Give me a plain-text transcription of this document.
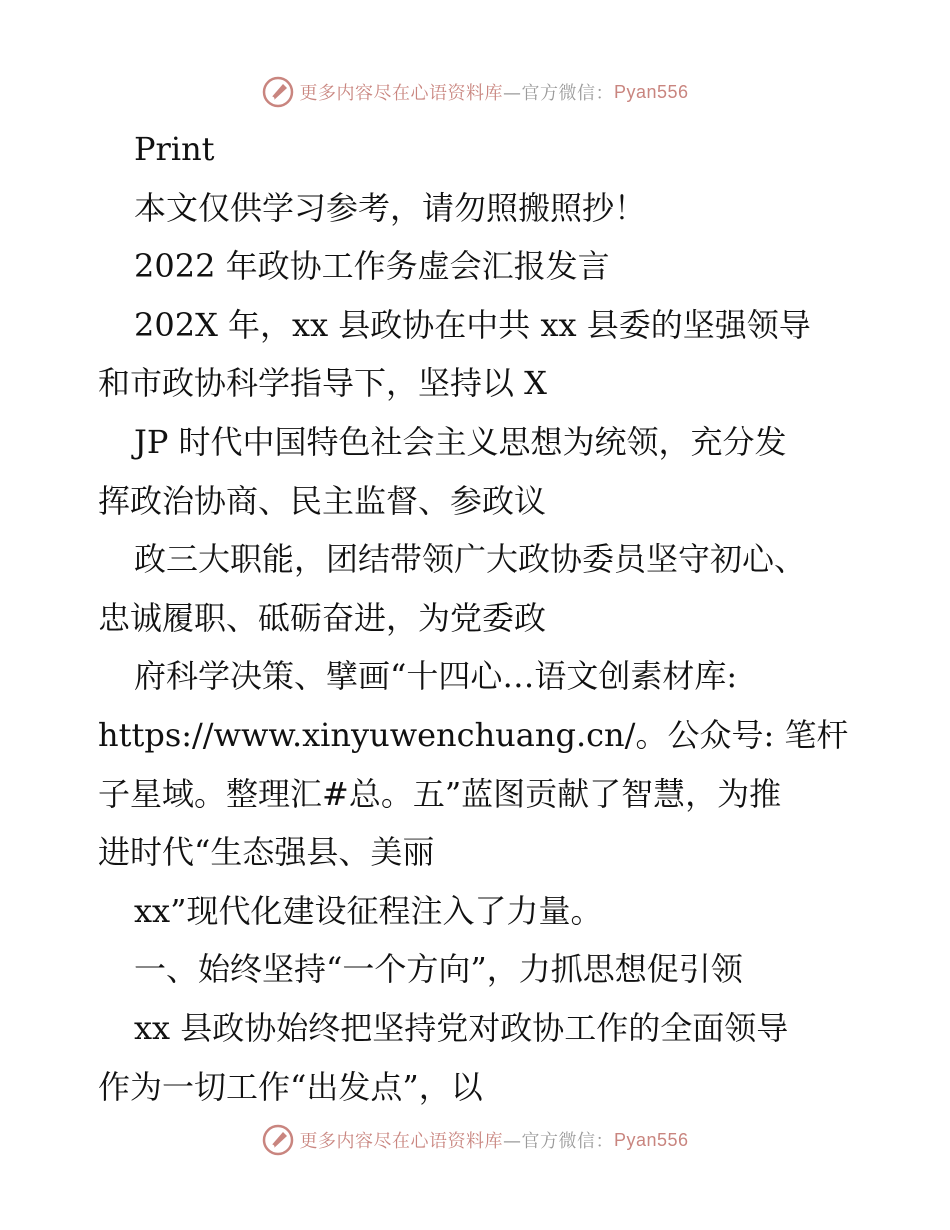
更多内容尽在心语资料库 —官方微信： Pyan556
Print
本文仅供学习参考，请勿照搬照抄！
2022 年政协工作务虚会汇报发言
202X 年，xx 县政协在中共 xx 县委的坚强领导
和市政协科学指导下，坚持以 X
JP 时代中国特色社会主义思想为统领，充分发
挥政治协商、民主监督、参政议
政三大职能，团结带领广大政协委员坚守初心、
忠诚履职、砥砺奋进，为党委政
府科学决策、擘画“十四心…语文创素材库:
https://www.xinyuwenchuang.cn/。公众号: 笔杆
子星域。整理汇#总。五”蓝图贡献了智慧，为推
进时代“生态强县、美丽
xx”现代化建设征程注入了力量。
一、始终坚持“一个方向”，力抓思想促引领
xx 县政协始终把坚持党对政协工作的全面领导
作为一切工作“出发点”，以
更多内容尽在心语资料库 —官方微信： Pyan556
